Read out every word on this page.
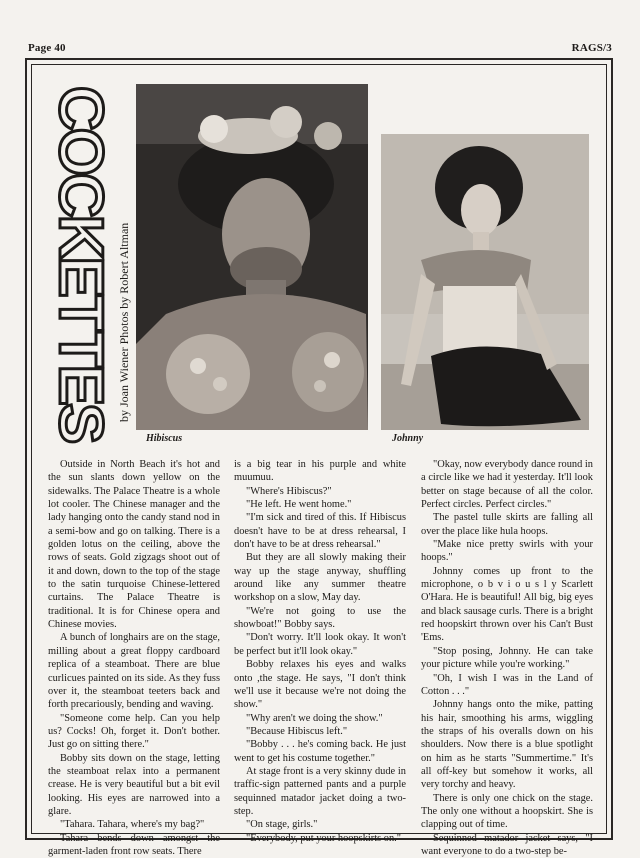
Page 40	RAGS/3
COCKETTES by Joan Wiener Photos by Robert Altman
Hibiscus	Johnny

Outside in North Beach it's hot and the sun slants down yellow on the sidewalks. The Palace Theatre is a whole lot cooler. The Chinese manager and the lady hanging onto the candy stand nod in a semi-bow and go on talking. There is a golden lotus on the ceiling, above the rows of seats. Gold zigzags shoot out of it and down, down to the top of the stage to the satin turquoise Chinese-lettered curtains. The Palace Theatre is traditional. It is for Chinese opera and Chinese movies.

A bunch of longhairs are on the stage, milling about a great floppy cardboard replica of a steamboat. There are blue curlicues painted on its side. As they fuss over it, the steamboat teeters back and forth precariously, bending and waving.

"Someone come help. Can you help us? Cocks! Oh, forget it. Don't bother. Just go on sitting there."

Bobby sits down on the stage, letting the steamboat relax into a permanent crease. He is very beautiful but a bit evil looking. His eyes are narrowed into a glare.

"Tahara. Tahara, where's my bag?"

Tahara bends down amongst the garment-laden front row seats. There

is a big tear in his purple and white muumuu.

"Where's Hibiscus?"

"He left. He went home."

"I'm sick and tired of this. If Hibiscus doesn't have to be at dress rehearsal, I don't have to be at dress rehearsal."

But they are all slowly making their way up the stage anyway, shuffling around like any summer theatre workshop on a slow, May day.

"We're not going to use the showboat!" Bobby says.

"Don't worry. It'll look okay. It won't be perfect but it'll look okay."

Bobby relaxes his eyes and walks onto ,the stage. He says, "I don't think we'll use it because we're not doing the show."

"Why aren't we doing the show."

"Because Hibiscus left."

"Bobby . . . he's coming back. He just went to get his costume together."

At stage front is a very skinny dude in traffic-sign patterned pants and a purple sequinned matador jacket doing a two-step.

"On stage, girls."

"Everybody, put your hoopskirts on."

"Okay, now everybody dance round in a circle like we had it yesterday. It'll look better on stage because of all the color. Perfect circles. Perfect circles."

The pastel tulle skirts are falling all over the place like hula hoops.

"Make nice pretty swirls with your hoops."

Johnny comes up front to the microphone, o b v i o u s l y Scarlett O'Hara. He is beautiful! All big, big eyes and black sausage curls. There is a bright red hoopskirt thrown over his Can't Bust 'Ems.

"Stop posing, Johnny. He can take your picture while you're working."

"Oh, I wish I was in the Land of Cotton . . ."

Johnny hangs onto the mike, patting his hair, smoothing his arms, wiggling the straps of his overalls down on his shoulders. Now there is a blue spotlight on him as he starts "Summertime." It's all off-key but somehow it works, all very torchy and heavy.

There is only one chick on the stage. The only one without a hoopskirt. She is clapping out of time.

Sequinned matador jacket says, "I want everyone to do a two-step be-
